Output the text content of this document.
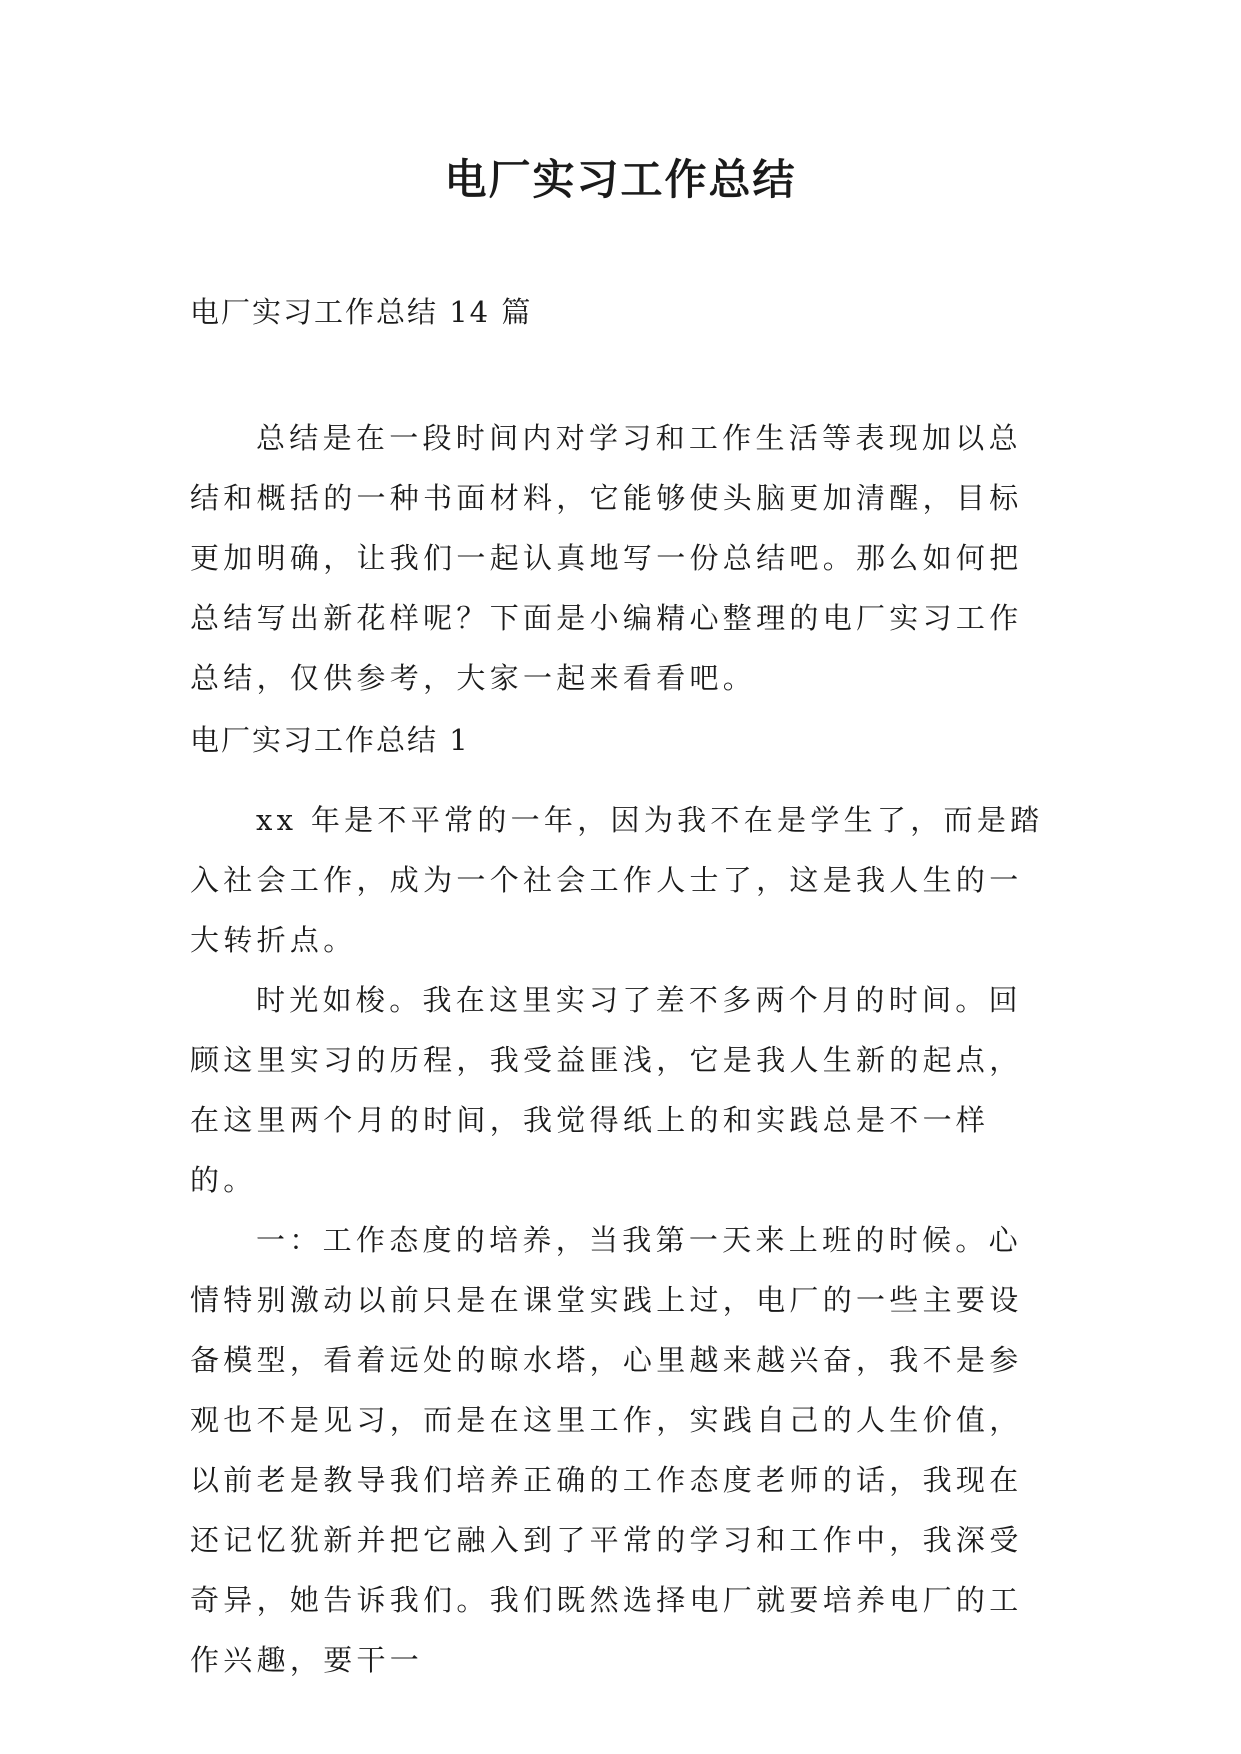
电厂实习工作总结

电厂实习工作总结 14 篇

总结是在一段时间内对学习和工作生活等表现加以总结和概括的一种书面材料，它能够使头脑更加清醒，目标更加明确，让我们一起认真地写一份总结吧。那么如何把总结写出新花样呢？下面是小编精心整理的电厂实习工作总结，仅供参考，大家一起来看看吧。

电厂实习工作总结 1

xx 年是不平常的一年，因为我不在是学生了，而是踏入社会工作，成为一个社会工作人士了，这是我人生的一大转折点。

时光如梭。我在这里实习了差不多两个月的时间。回顾这里实习的历程，我受益匪浅，它是我人生新的起点，在这里两个月的时间，我觉得纸上的和实践总是不一样的。

一：工作态度的培养，当我第一天来上班的时候。心情特别激动以前只是在课堂实践上过，电厂的一些主要设备模型，看着远处的晾水塔，心里越来越兴奋，我不是参观也不是见习，而是在这里工作，实践自己的人生价值，以前老是教导我们培养正确的工作态度老师的话，我现在还记忆犹新并把它融入到了平常的学习和工作中，我深受奇异，她告诉我们。我们既然选择电厂就要培养电厂的工作兴趣，要干一
